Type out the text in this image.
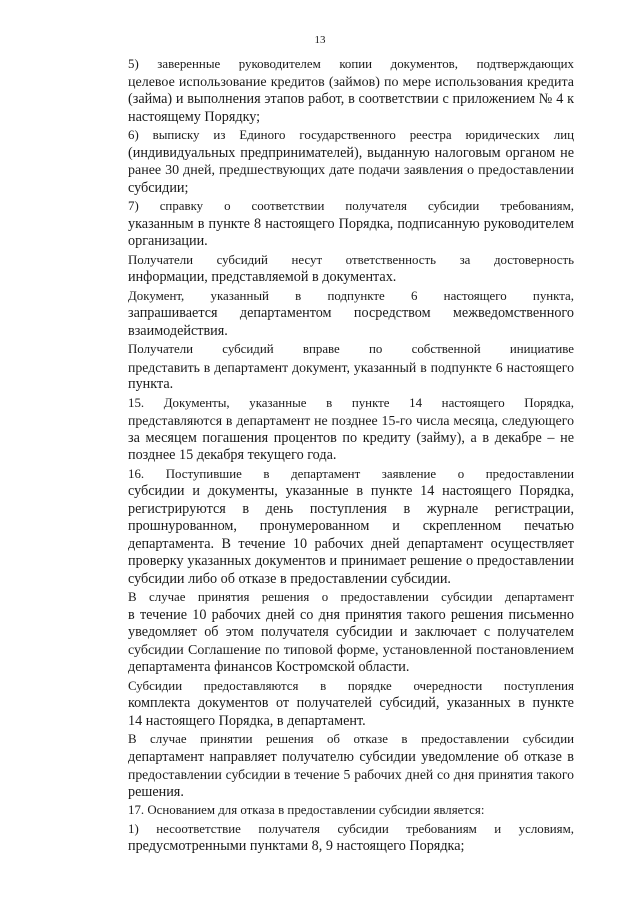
13

5) заверенные руководителем копии документов, подтверждающих
целевое использование кредитов (займов) по мере использования кредита
(займа) и выполнения этапов работ, в соответствии с приложением № 4 к
настоящему Порядку;

6) выписку из Единого государственного реестра юридических лиц
(индивидуальных предпринимателей), выданную налоговым органом не
ранее 30 дней, предшествующих дате подачи заявления о предоставлении
субсидии;

7) справку о соответствии получателя субсидии требованиям,
указанным в пункте 8 настоящего Порядка, подписанную руководителем
организации.

Получатели субсидий несут ответственность за достоверность
информации, представляемой в документах.

Документ, указанный в подпункте 6 настоящего пункта,
запрашивается департаментом посредством межведомственного
взаимодействия.

Получатели субсидий вправе по собственной инициативе
представить в департамент документ, указанный в подпункте 6 настоящего
пункта.

15. Документы, указанные в пункте 14 настоящего Порядка,
представляются в департамент не позднее 15-го числа месяца, следующего
за месяцем погашения процентов по кредиту (займу), а в декабре – не
позднее 15 декабря текущего года.

16. Поступившие в департамент заявление о предоставлении
субсидии и документы, указанные в пункте 14 настоящего Порядка,
регистрируются в день поступления в журнале регистрации,
прошнурованном, пронумерованном и скрепленном печатью
департамента. В течение 10 рабочих дней департамент осуществляет
проверку указанных документов и принимает решение о предоставлении
субсидии либо об отказе в предоставлении субсидии.

В случае принятия решения о предоставлении субсидии департамент
в течение 10 рабочих дней со дня принятия такого решения письменно
уведомляет об этом получателя субсидии и заключает с получателем
субсидии Соглашение по типовой форме, установленной постановлением
департамента финансов Костромской области.

Субсидии предоставляются в порядке очередности поступления
комплекта документов от получателей субсидий, указанных в пункте
14 настоящего Порядка, в департамент.

В случае принятии решения об отказе в предоставлении субсидии
департамент направляет получателю субсидии уведомление об отказе в
предоставлении субсидии в течение 5 рабочих дней со дня принятия такого
решения.

17. Основанием для отказа в предоставлении субсидии является:

1) несоответствие получателя субсидии требованиям и условиям,
предусмотренными пунктами 8, 9 настоящего Порядка;
